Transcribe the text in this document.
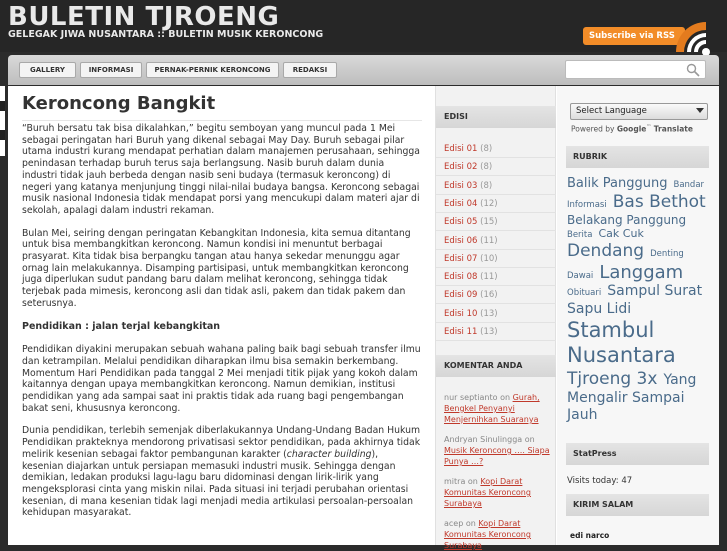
BULETIN TJROENG
GELEGAK JIWA NUSANTARA :: BULETIN MUSIK KERONCONG	Subscribe via RSS
GALLERY	INFORMASI	PERNAK-PERNIK KERONCONG	REDAKSI
Keroncong Bangkit

“Buruh bersatu tak bisa dikalahkan,” begitu semboyan yang muncul pada 1 Mei sebagai peringatan hari Buruh yang dikenal sebagai May Day. Buruh sebagai pilar utama industri kurang mendapat perhatian dalam manajemen perusahaan, sehingga penindasan terhadap buruh terus saja berlangsung. Nasib buruh dalam dunia industri tidak jauh berbeda dengan nasib seni budaya (termasuk keroncong) di negeri yang katanya menjunjung tinggi nilai-nilai budaya bangsa. Keroncong sebagai musik nasional Indonesia tidak mendapat porsi yang mencukupi dalam materi ajar di sekolah, apalagi dalam industri rekaman.

Bulan Mei, seiring dengan peringatan Kebangkitan Indonesia, kita semua ditantang untuk bisa membangkitkan keroncong. Namun kondisi ini menuntut berbagai prasyarat. Kita tidak bisa berpangku tangan atau hanya sekedar menunggu agar ornag lain melakukannya. Disamping partisipasi, untuk membangkitkan keroncong juga diperlukan sudut pandang baru dalam melihat keroncong, sehingga tidak terjebak pada mimesis, keroncong asli dan tidak asli, pakem dan tidak pakem dan seterusnya.

Pendidikan : jalan terjal kebangkitan

Pendidikan diyakini merupakan sebuah wahana paling baik bagi sebuah transfer ilmu dan ketrampilan. Melalui pendidikan diharapkan ilmu bisa semakin berkembang. Momentum Hari Pendidikan pada tanggal 2 Mei menjadi titik pijak yang kokoh dalam kaitannya dengan upaya membangkitkan keroncong. Namun demikian, institusi pendidikan yang ada sampai saat ini praktis tidak ada ruang bagi pengembangan bakat seni, khususnya keroncong.

Dunia pendidikan, terlebih semenjak diberlakukannya Undang-Undang Badan Hukum Pendidikan prakteknya mendorong privatisasi sektor pendidikan, pada akhirnya tidak melirik kesenian sebagai faktor pembangunan karakter (character building), kesenian diajarkan untuk persiapan memasuki industri musik. Sehingga dengan demikian, ledakan produksi lagu-lagu baru didominasi dengan lirik-lirik yang mengeksplorasi cinta yang miskin nilai. Pada situasi ini terjadi perubahan orientasi kesenian, di mana kesenian tidak lagi menjadi media artikulasi persoalan-persoalan kehidupan masyarakat.

EDISI
Edisi 01 (8)
Edisi 02 (8)
Edisi 03 (8)
Edisi 04 (12)
Edisi 05 (15)
Edisi 06 (11)
Edisi 07 (10)
Edisi 08 (11)
Edisi 09 (16)
Edisi 10 (13)
Edisi 11 (13)
KOMENTAR ANDA
nur septianto on Gurah, Bengkel Penyanyi Menjernihkan Suaranya
Andryan Sinulingga on Musik Keroncong …. Siapa Punya …?
mitra on Kopi Darat Komunitas Keroncong Surabaya
acep on Kopi Darat Komunitas Keroncong Surabaya
Select Language
Powered by Google™ Translate
RUBRIK
Balik Panggung Bandar Informasi Bas Bethot Belakang Panggung Berita Cak Cuk Dendang Denting Dawai Langgam Obituari Sampul Surat Sapu Lidi Stambul Nusantara Tjroeng 3x Yang Mengalir Sampai Jauh
StatPress
Visits today: 47
KIRIM SALAM
edi narco
